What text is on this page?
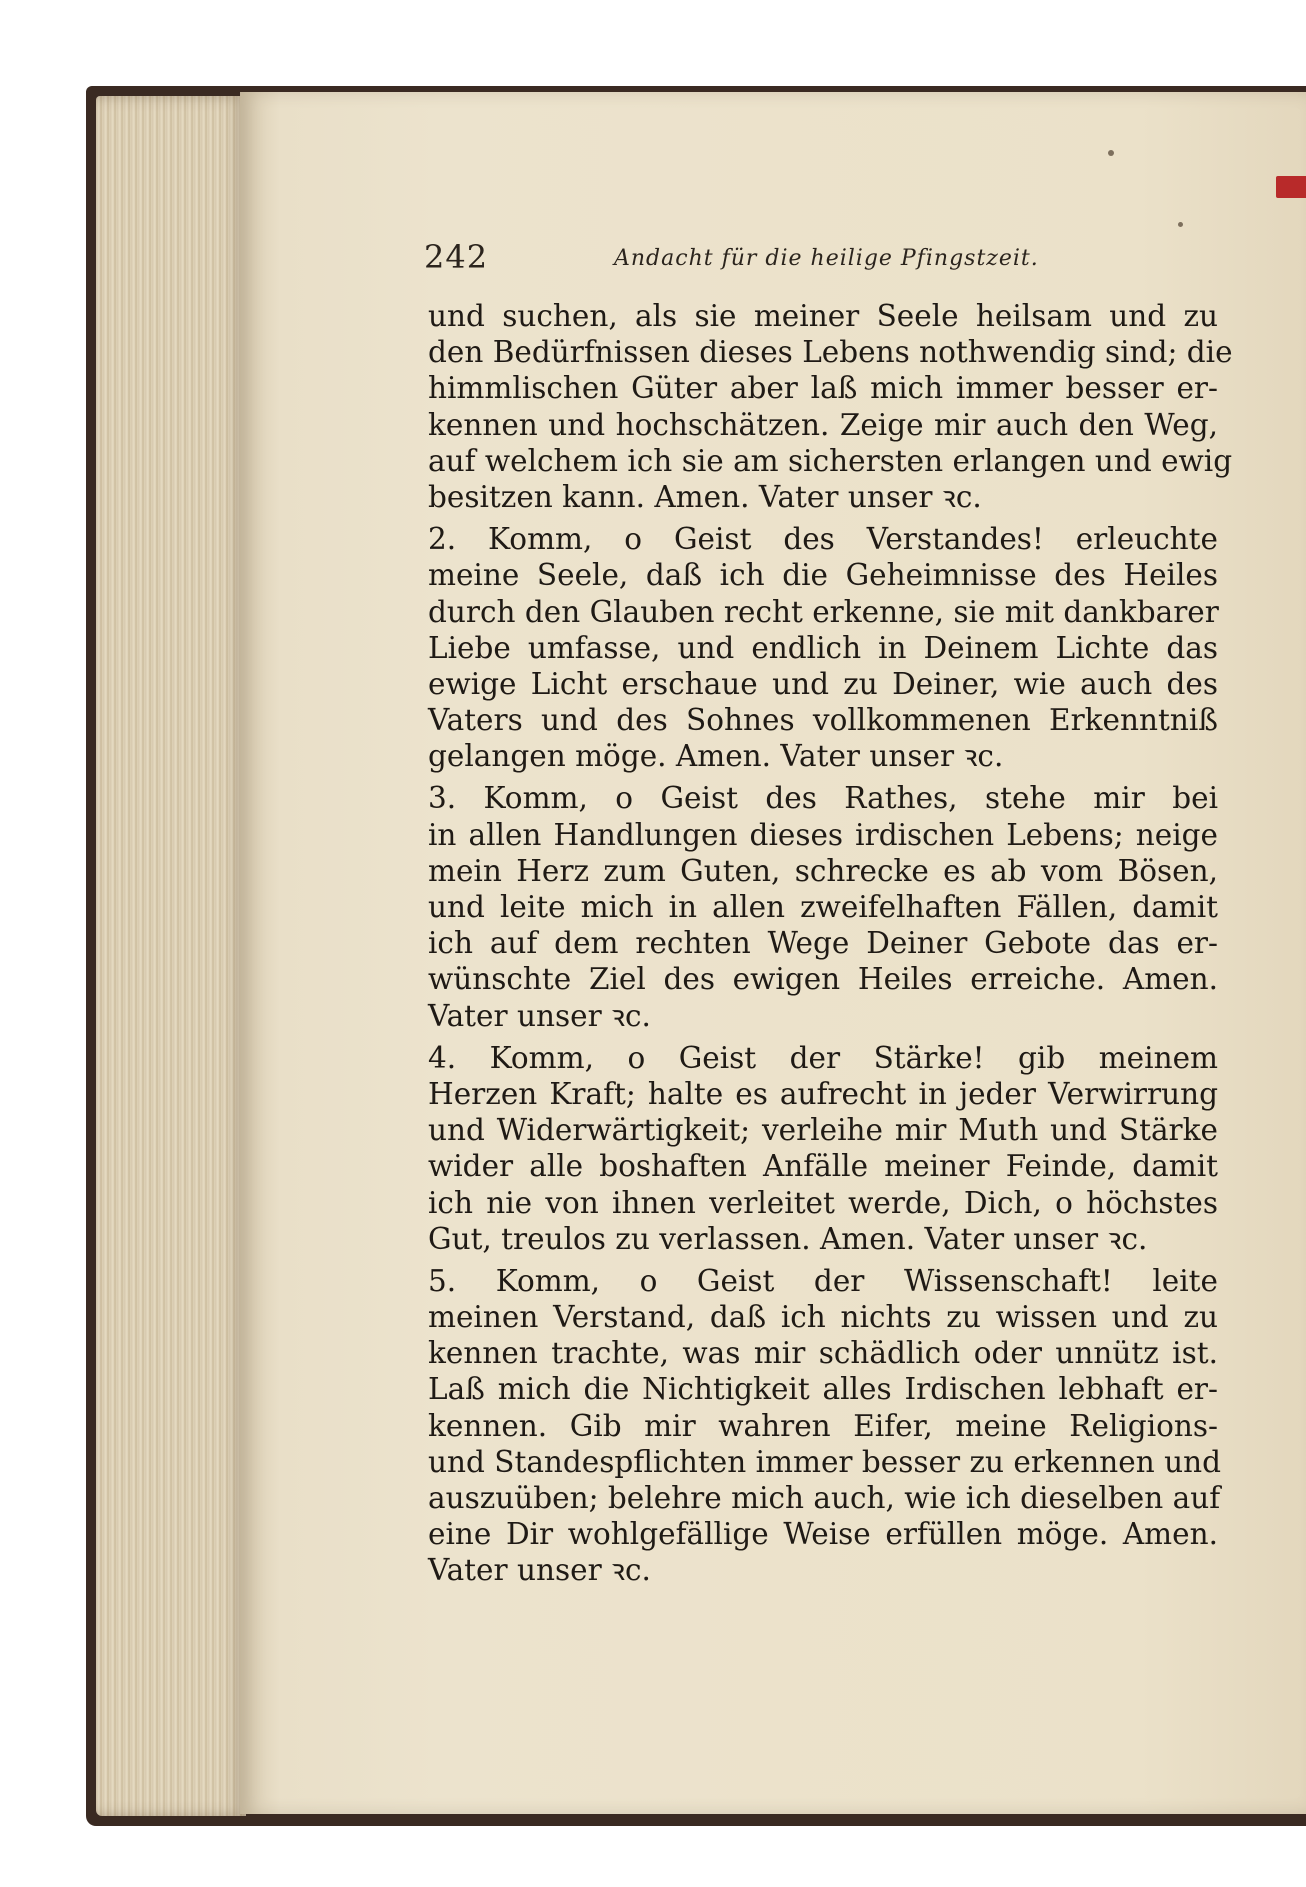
242	Andacht für die heilige Pfingstzeit.
und suchen, als sie meiner Seele heilsam und zu
den Bedürfnissen dieses Lebens nothwendig sind; die
himmlischen Güter aber laß mich immer besser er-
kennen und hochschätzen. Zeige mir auch den Weg,
auf welchem ich sie am sichersten erlangen und ewig
besitzen kann. Amen. Vater unser ꝛc.
2. Komm, o Geist des Verstandes! erleuchte
meine Seele, daß ich die Geheimnisse des Heiles
durch den Glauben recht erkenne, sie mit dankbarer
Liebe umfasse, und endlich in Deinem Lichte das
ewige Licht erschaue und zu Deiner, wie auch des
Vaters und des Sohnes vollkommenen Erkenntniß
gelangen möge. Amen. Vater unser ꝛc.
3. Komm, o Geist des Rathes, stehe mir bei
in allen Handlungen dieses irdischen Lebens; neige
mein Herz zum Guten, schrecke es ab vom Bösen,
und leite mich in allen zweifelhaften Fällen, damit
ich auf dem rechten Wege Deiner Gebote das er-
wünschte Ziel des ewigen Heiles erreiche. Amen.
Vater unser ꝛc.
4. Komm, o Geist der Stärke! gib meinem
Herzen Kraft; halte es aufrecht in jeder Verwirrung
und Widerwärtigkeit; verleihe mir Muth und Stärke
wider alle boshaften Anfälle meiner Feinde, damit
ich nie von ihnen verleitet werde, Dich, o höchstes
Gut, treulos zu verlassen. Amen. Vater unser ꝛc.
5. Komm, o Geist der Wissenschaft! leite
meinen Verstand, daß ich nichts zu wissen und zu
kennen trachte, was mir schädlich oder unnütz ist.
Laß mich die Nichtigkeit alles Irdischen lebhaft er-
kennen. Gib mir wahren Eifer, meine Religions-
und Standespflichten immer besser zu erkennen und
auszuüben; belehre mich auch, wie ich dieselben auf
eine Dir wohlgefällige Weise erfüllen möge. Amen.
Vater unser ꝛc.
